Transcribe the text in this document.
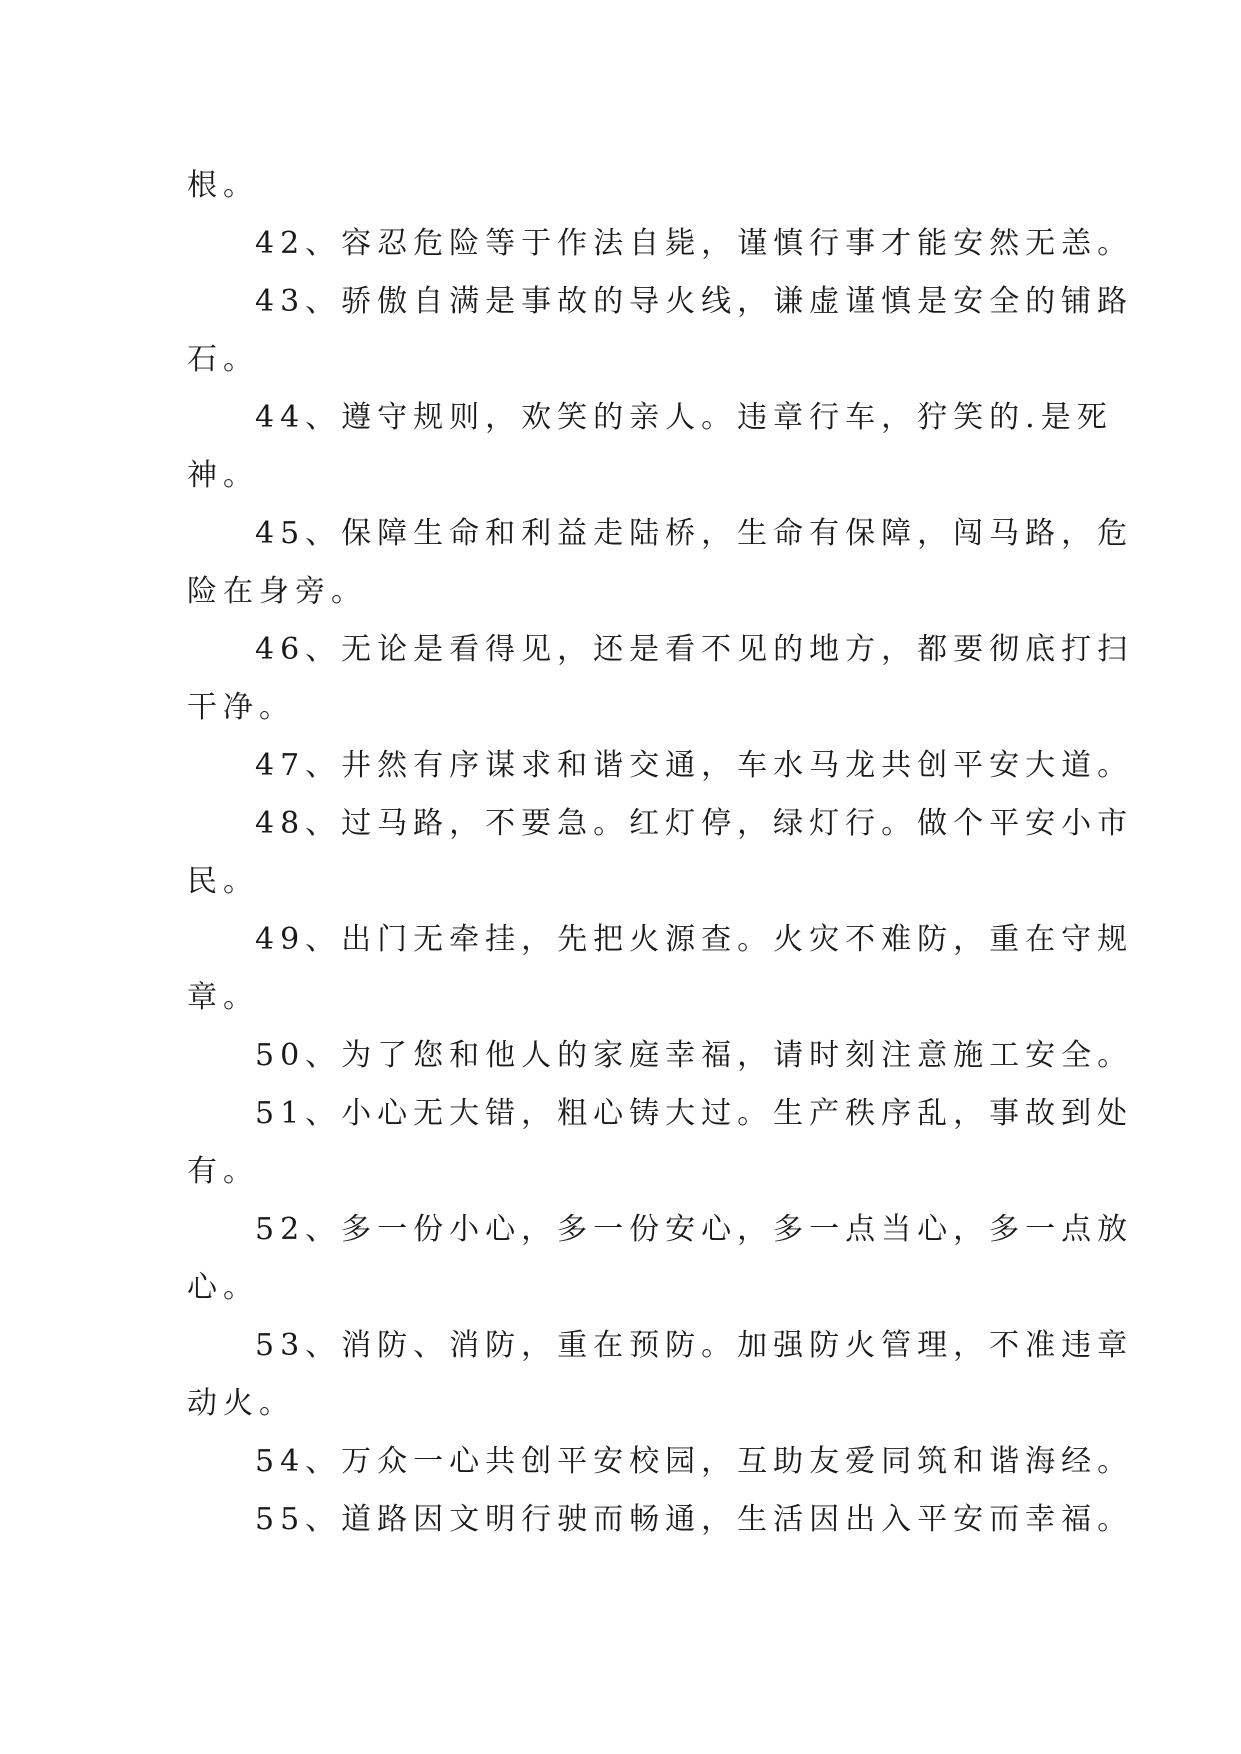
根。
42、容忍危险等于作法自毙，谨慎行事才能安然无恙。
43、骄傲自满是事故的导火线，谦虚谨慎是安全的铺路
石。
44、遵守规则，欢笑的亲人。违章行车，狞笑的.是死
神。
45、保障生命和利益走陆桥，生命有保障，闯马路，危
险在身旁。
46、无论是看得见，还是看不见的地方，都要彻底打扫
干净。
47、井然有序谋求和谐交通，车水马龙共创平安大道。
48、过马路，不要急。红灯停，绿灯行。做个平安小市
民。
49、出门无牵挂，先把火源查。火灾不难防，重在守规
章。
50、为了您和他人的家庭幸福，请时刻注意施工安全。
51、小心无大错，粗心铸大过。生产秩序乱，事故到处
有。
52、多一份小心，多一份安心，多一点当心，多一点放
心。
53、消防、消防，重在预防。加强防火管理，不准违章
动火。
54、万众一心共创平安校园，互助友爱同筑和谐海经。
55、道路因文明行驶而畅通，生活因出入平安而幸福。
